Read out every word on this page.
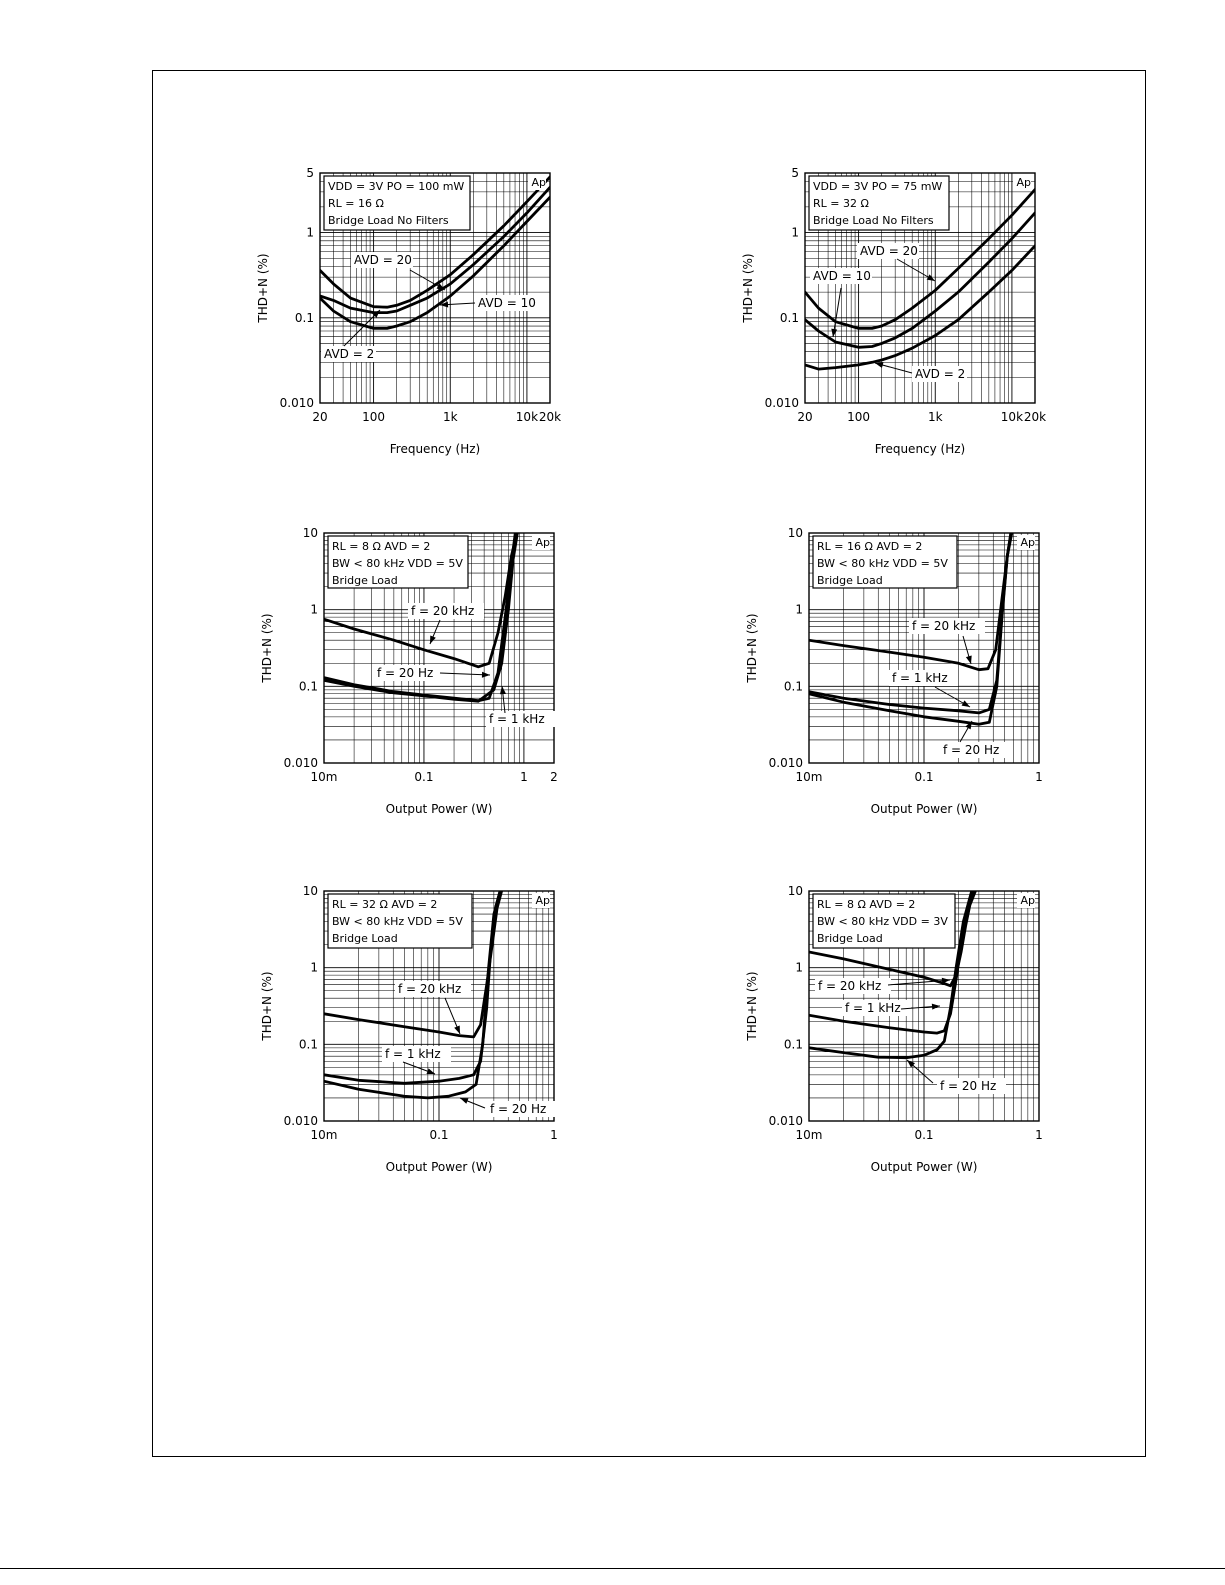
20	100	1k	10k 20k
5
1
0.1
0.010
Frequency (Hz)
THD+N (%)
Ap
VDD = 3V PO = 100 mW
RL = 16 Ω
Bridge Load No Filters
AVD = 20
AVD = 10
AVD = 2
20	100	1k	10k 20k
5
1
0.1
0.010
Frequency (Hz)
THD+N (%)
Ap
VDD = 3V PO = 75 mW
RL = 32 Ω
Bridge Load No Filters
AVD = 20
AVD = 10
AVD = 2
10m	0.1	1 2
10
1
0.1
0.010
Output Power (W)
THD+N (%)
Ap
RL = 8 Ω AVD = 2
BW < 80 kHz VDD = 5V
Bridge Load
f = 20 kHz
f = 20 Hz
f = 1 kHz
10m	0.1	1
10
1
0.1
0.010
Output Power (W)
THD+N (%)
Ap
RL = 16 Ω AVD = 2
BW < 80 kHz VDD = 5V
Bridge Load
f = 20 kHz
f = 1 kHz
f = 20 Hz
10m	0.1	1
10
1
0.1
0.010
Output Power (W)
THD+N (%)
Ap
RL = 32 Ω AVD = 2
BW < 80 kHz VDD = 5V
Bridge Load
f = 20 kHz
f = 1 kHz
f = 20 Hz
10m	0.1	1
10
1
0.1
0.010
Output Power (W)
THD+N (%)
Ap
RL = 8 Ω AVD = 2
BW < 80 kHz VDD = 3V
Bridge Load
f = 20 kHz
f = 1 kHz
f = 20 Hz
